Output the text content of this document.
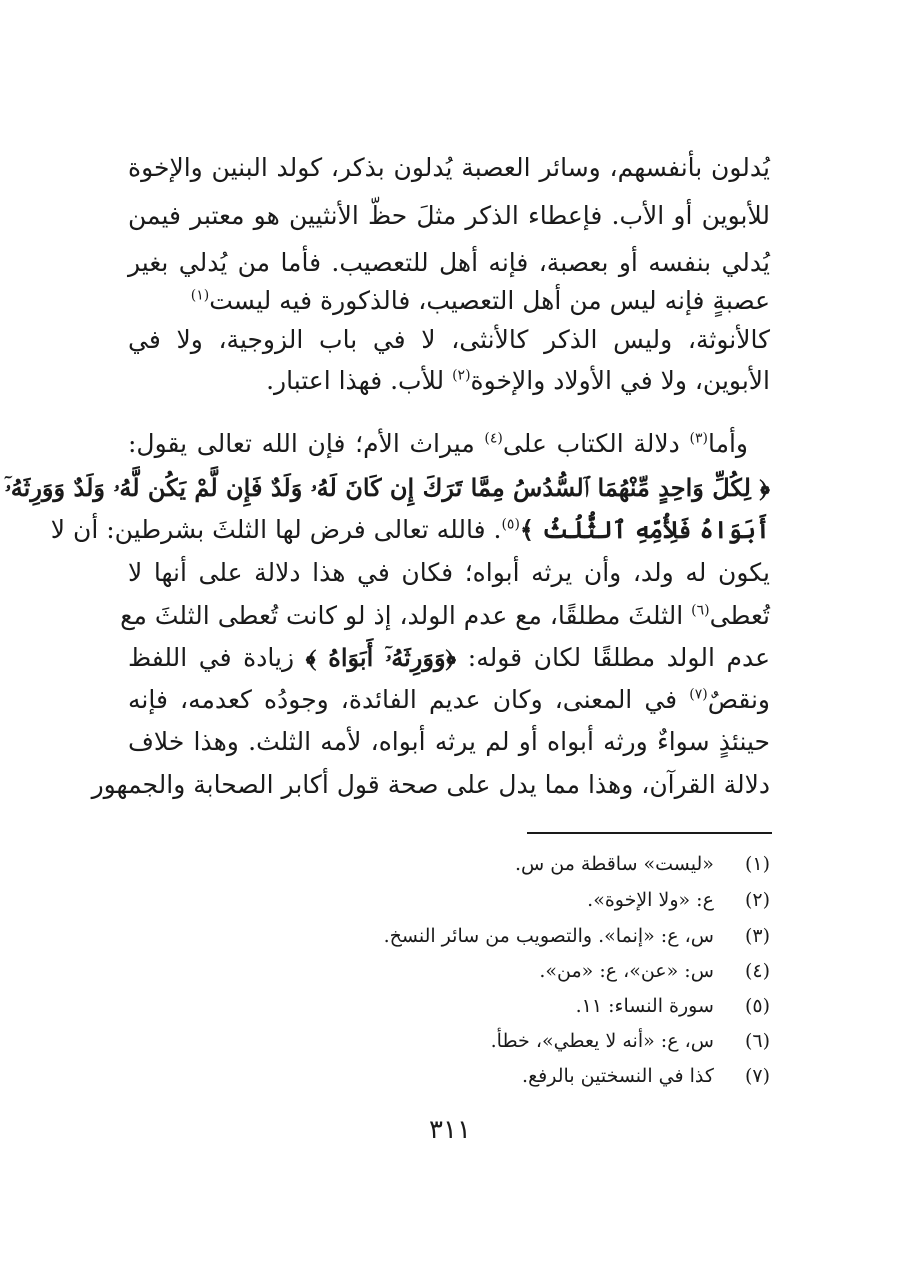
يُدلون بأنفسهم، وسائر العصبة يُدلون بذكر، كولد البنين والإخوة
للأبوين أو الأب. فإعطاء الذكر مثلَ حظّ الأنثيين هو معتبر فيمن
يُدلي بنفسه أو بعصبة، فإنه أهل للتعصيب. فأما من يُدلي بغير
عصبةٍ فإنه ليس من أهل التعصيب، فالذكورة فيه ليست$^{(١)}$
كالأنوثة، وليس الذكر كالأنثى، لا في باب الزوجية، ولا في
الأبوين، ولا في الأولاد والإخوة$^{(٢)}$ للأب. فهذا اعتبار.
وأما$^{(٣)}$ دلالة الكتاب على$^{(٤)}$ ميراث الأم؛ فإن الله تعالى يقول:
﴿ لِكُلِّ وَاحِدٍ مِّنْهُمَا ٱلسُّدُسُ مِمَّا تَرَكَ إِن كَانَ لَهُۥ وَلَدٌ فَإِن لَّمْ يَكُن لَّهُۥ وَلَدٌ وَوَرِثَهُۥٓ
أَبَوَاهُ فَلِأُمِّهِ ٱلثُّلُثُ ﴾$^{(٥)}$. فالله تعالى فرض لها الثلثَ بشرطين: أن لا
يكون له ولد، وأن يرثه أبواه؛ فكان في هذا دلالة على أنها لا
تُعطى$^{(٦)}$ الثلثَ مطلقًا، مع عدم الولد، إذ لو كانت تُعطى الثلثَ مع
عدم الولد مطلقًا لكان قوله: ﴿وَوَرِثَهُۥٓ أَبَوَاهُ ﴾ زيادة في اللفظ
ونقصٌ$^{(٧)}$ في المعنى، وكان عديم الفائدة، وجودُه كعدمه، فإنه
حينئذٍ سواءٌ ورثه أبواه أو لم يرثه أبواه، لأمه الثلث. وهذا خلاف
دلالة القرآن، وهذا مما يدل على صحة قول أكابر الصحابة والجمهور
(١)  «ليست» ساقطة من س.
(٢)  ع: «ولا الإخوة».
(٣)  س، ع: «إنما». والتصويب من سائر النسخ.
(٤)  س: «عن»، ع: «من».
(٥)  سورة النساء: ١١.
(٦)  س، ع: «أنه لا يعطي»، خطأ.
(٧)  كذا في النسختين بالرفع.
٣١١
